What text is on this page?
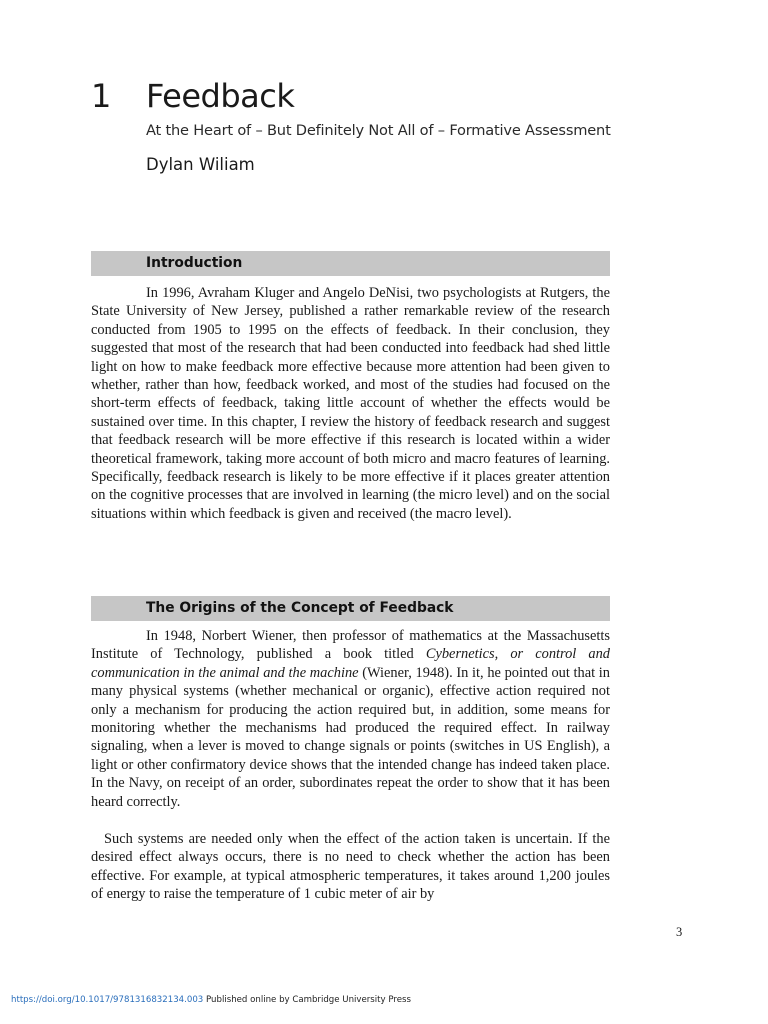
1 Feedback
At the Heart of – But Definitely Not All of – Formative Assessment
Dylan Wiliam
Introduction

In 1996, Avraham Kluger and Angelo DeNisi, two psychologists at Rutgers, the State University of New Jersey, published a rather remarkable review of the research conducted from 1905 to 1995 on the effects of feedback. In their conclusion, they suggested that most of the research that had been conducted into feedback had shed little light on how to make feedback more effective because more attention had been given to whether, rather than how, feedback worked, and most of the studies had focused on the short-term effects of feedback, taking little account of whether the effects would be sustained over time. In this chapter, I review the history of feedback research and suggest that feedback research will be more effective if this research is located within a wider theoretical framework, taking more account of both micro and macro features of learning. Specifically, feedback research is likely to be more effective if it places greater attention on the cognitive processes that are involved in learning (the micro level) and on the social situations within which feedback is given and received (the macro level).

The Origins of the Concept of Feedback

In 1948, Norbert Wiener, then professor of mathematics at the Massachusetts Institute of Technology, published a book titled Cybernetics, or control and communication in the animal and the machine (Wiener, 1948). In it, he pointed out that in many physical systems (whether mechanical or organic), effective action required not only a mechanism for producing the action required but, in addition, some means for monitoring whether the mechanisms had produced the required effect. In railway signaling, when a lever is moved to change signals or points (switches in US English), a light or other confirmatory device shows that the intended change has indeed taken place. In the Navy, on receipt of an order, subordinates repeat the order to show that it has been heard correctly.

Such systems are needed only when the effect of the action taken is uncertain. If the desired effect always occurs, there is no need to check whether the action has been effective. For example, at typical atmospheric temperatures, it takes around 1,200 joules of energy to raise the temperature of 1 cubic meter of air by

3
https://doi.org/10.1017/9781316832134.003 Published online by Cambridge University Press
